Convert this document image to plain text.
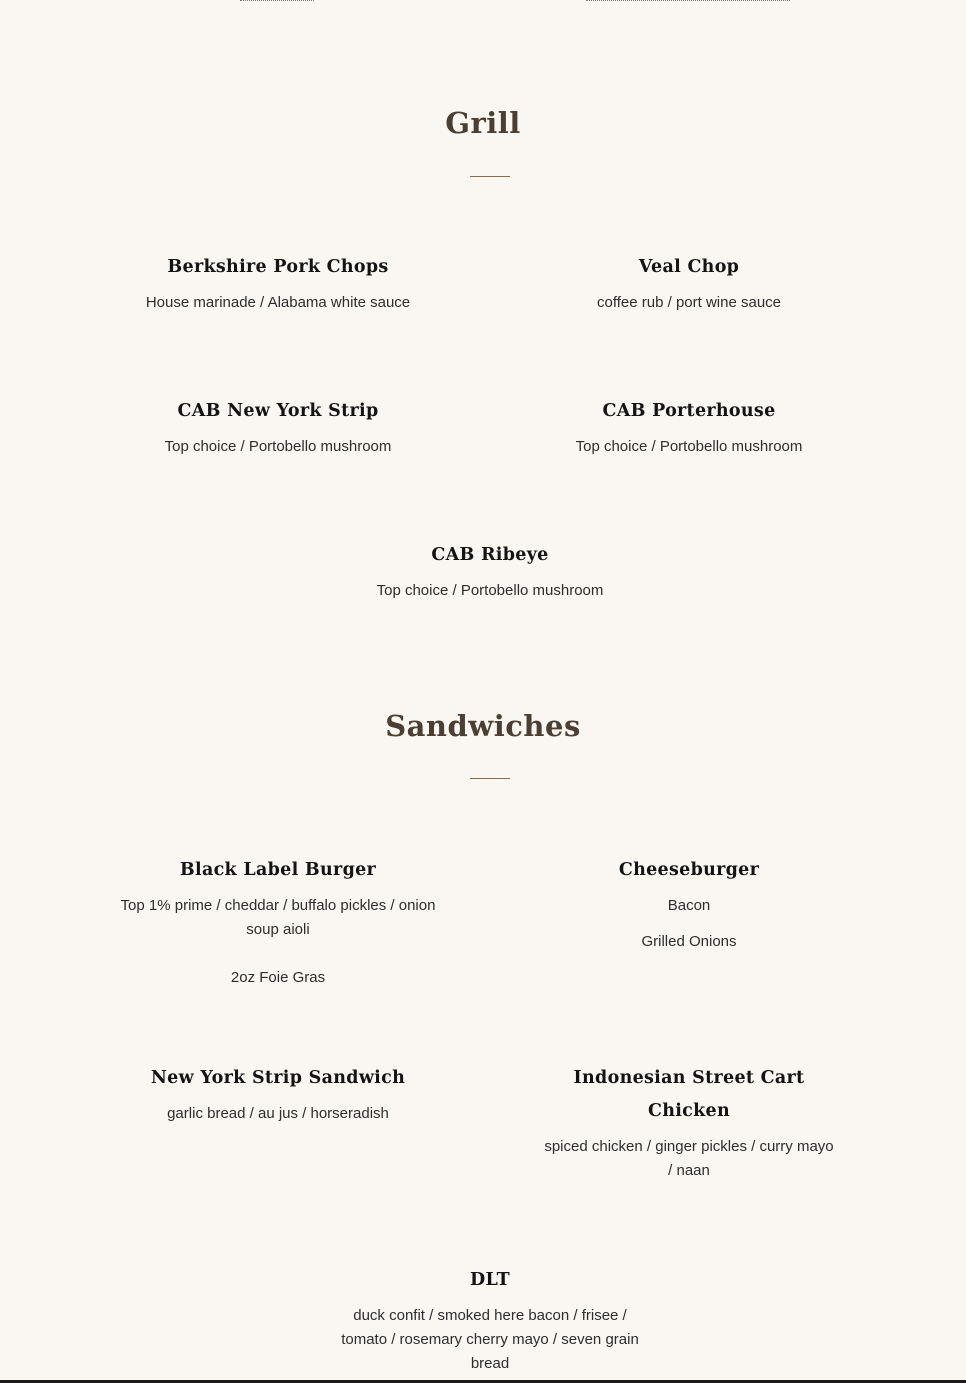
Grill
Berkshire Pork Chops

House marinade / Alabama white sauce

Veal Chop

coffee rub / port wine sauce

CAB New York Strip

Top choice / Portobello mushroom

CAB Porterhouse

Top choice / Portobello mushroom

CAB Ribeye

Top choice / Portobello mushroom

Sandwiches
Black Label Burger

Top 1% prime / cheddar / buffalo pickles / onion soup aioli

2oz Foie Gras

Cheeseburger

Bacon

Grilled Onions

New York Strip Sandwich

garlic bread / au jus / horseradish

Indonesian Street Cart Chicken

spiced chicken / ginger pickles / curry mayo / naan

DLT

duck confit / smoked here bacon / frisee / tomato / rosemary cherry mayo / seven grain bread
